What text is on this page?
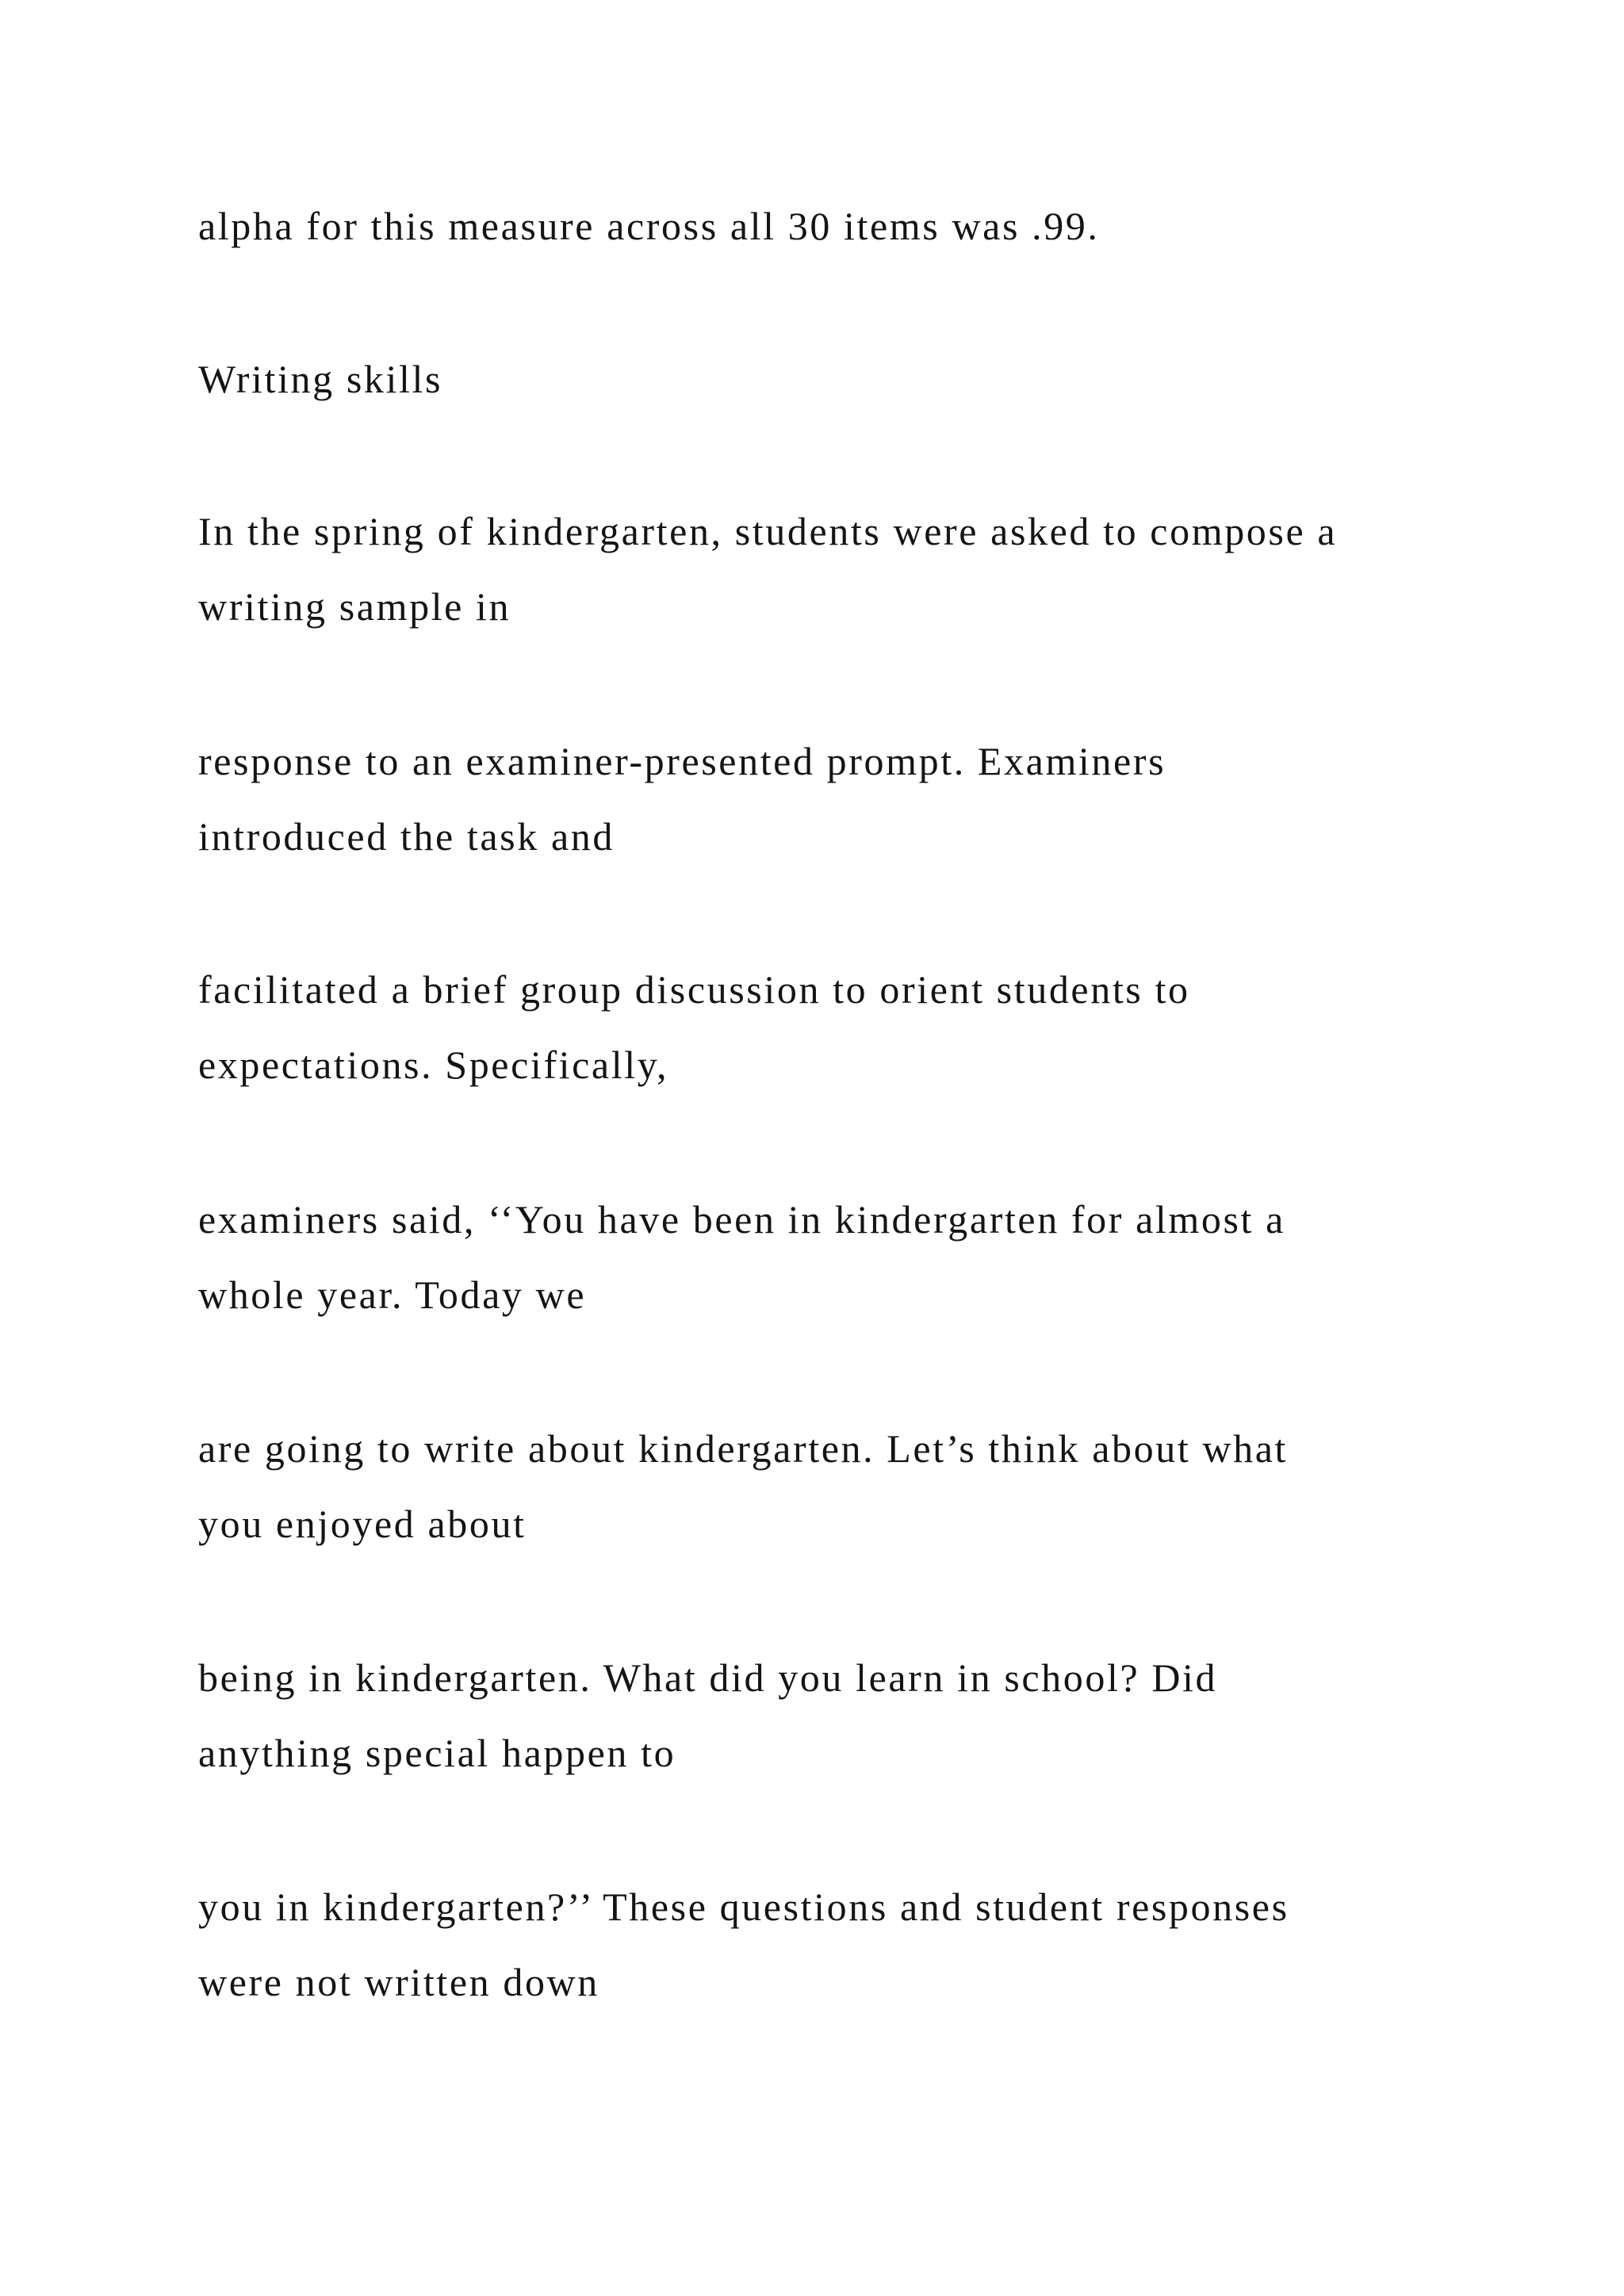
alpha for this measure across all 30 items was .99.
Writing skills
In the spring of kindergarten, students were asked to compose a
writing sample in
response to an examiner-presented prompt. Examiners
introduced the task and
facilitated a brief group discussion to orient students to
expectations. Specifically,
examiners said, ‘‘You have been in kindergarten for almost a
whole year. Today we
are going to write about kindergarten. Let’s think about what
you enjoyed about
being in kindergarten. What did you learn in school? Did
anything special happen to
you in kindergarten?’’ These questions and student responses
were not written down
